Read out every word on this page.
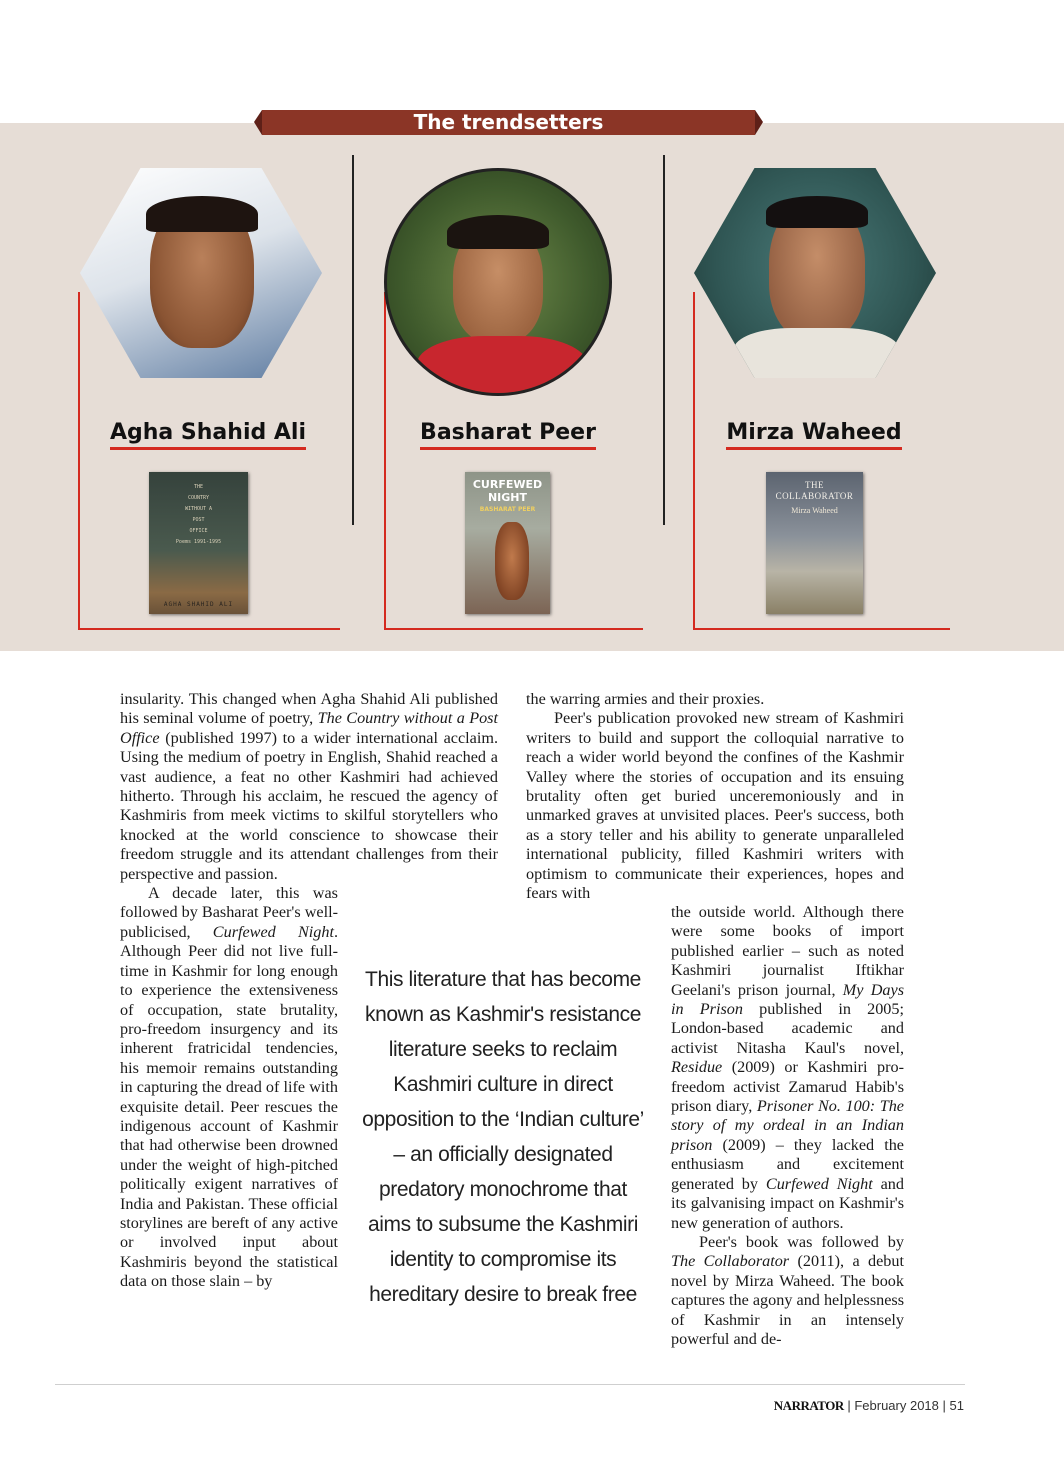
The trendsetters
Agha Shahid Ali	Basharat Peer	Mirza Waheed
THE
COUNTRY
WITHOUT A
POST
OFFICE
Poems 1991-1995
AGHA SHAHID ALI
CURFEWED
NIGHT
BASHARAT PEER
THE
COLLABORATOR
Mirza Waheed

insularity. This changed when Agha Shahid Ali published his seminal volume of poetry, The Country without a Post Office (published 1997) to a wider international acclaim. Using the medium of poetry in English, Shahid reached a vast audience, a feat no other Kashmiri had achieved hitherto. Through his acclaim, he rescued the agency of Kashmiris from meek victims to skilful storytellers who knocked at the world conscience to showcase their freedom struggle and its attendant challenges from their perspective and passion.

A decade later, this was followed by Basharat Peer's well-publicised, Curfewed Night. Although Peer did not live full-time in Kashmir for long enough to experience the extensiveness of occupation, state brutality, pro-freedom insurgency and its inherent fratricidal tendencies, his memoir remains outstanding in capturing the dread of life with exquisite detail. Peer rescues the indigenous account of Kashmir that had otherwise been drowned under the weight of high-pitched politically exigent narratives of India and Pakistan. These official storylines are bereft of any active or involved input about Kashmiris beyond the statistical data on those slain – by

the warring armies and their proxies.

Peer's publication provoked new stream of Kashmiri writers to build and support the colloquial narrative to reach a wider world beyond the confines of the Kashmir Valley where the stories of occupation and its ensuing brutality often get buried unceremoniously and in unmarked graves at unvisited places. Peer's success, both as a story teller and his ability to generate unparalleled international publicity, filled Kashmiri writers with optimism to communicate their experiences, hopes and fears with

This literature that has become known as Kashmir's resistance literature seeks to reclaim Kashmiri culture in direct opposition to the ‘Indian culture’ – an officially designated predatory monochrome that aims to subsume the Kashmiri identity to compromise its hereditary desire to break free

the outside world. Although there were some books of import published earlier – such as noted Kashmiri journalist Iftikhar Geelani's prison journal, My Days in Prison published in 2005; London-based academic and activist Nitasha Kaul's novel, Residue (2009) or Kashmiri pro-freedom activist Zamarud Habib's prison diary, Prisoner No. 100: The story of my ordeal in an Indian prison (2009) – they lacked the enthusiasm and excitement generated by Curfewed Night and its galvanising impact on Kashmir's new generation of authors.

Peer's book was followed by The Collaborator (2011), a debut novel by Mirza Waheed. The book captures the agony and helplessness of Kashmir in an intensely powerful and de-

NARRATOR | February 2018 | 51
